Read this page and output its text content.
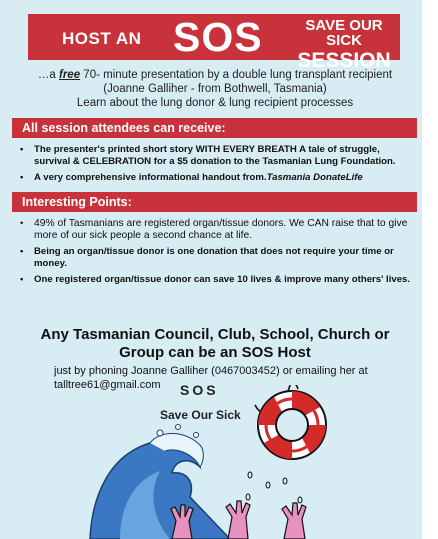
HOST AN SOS	SAVE OUR SICK
SESSION
…a free 70- minute presentation by a double lung transplant recipient
(Joanne Galliher - from Bothwell, Tasmania)
Learn about the lung donor & lung recipient processes
All session attendees can receive:
• The presenter's printed short story WITH EVERY BREATH A tale of struggle, survival & CELEBRATION for a $5 donation to the Tasmanian Lung Foundation.
• A very comprehensive informational handout from.Tasmania DonateLife
Interesting Points:
• 49% of Tasmanians are registered organ/tissue donors. We CAN raise that to give more of our sick people a second chance at life.
• Being an organ/tissue donor is one donation that does not require your time or money.
• One registered organ/tissue donor can save 10 lives & improve many others' lives.
Any Tasmanian Council, Club, School, Church or
Group can be an SOS Host
just by phoning Joanne Galliher (0467003452) or emailing her at
talltree61@gmail.com	SOS
Save Our Sick
